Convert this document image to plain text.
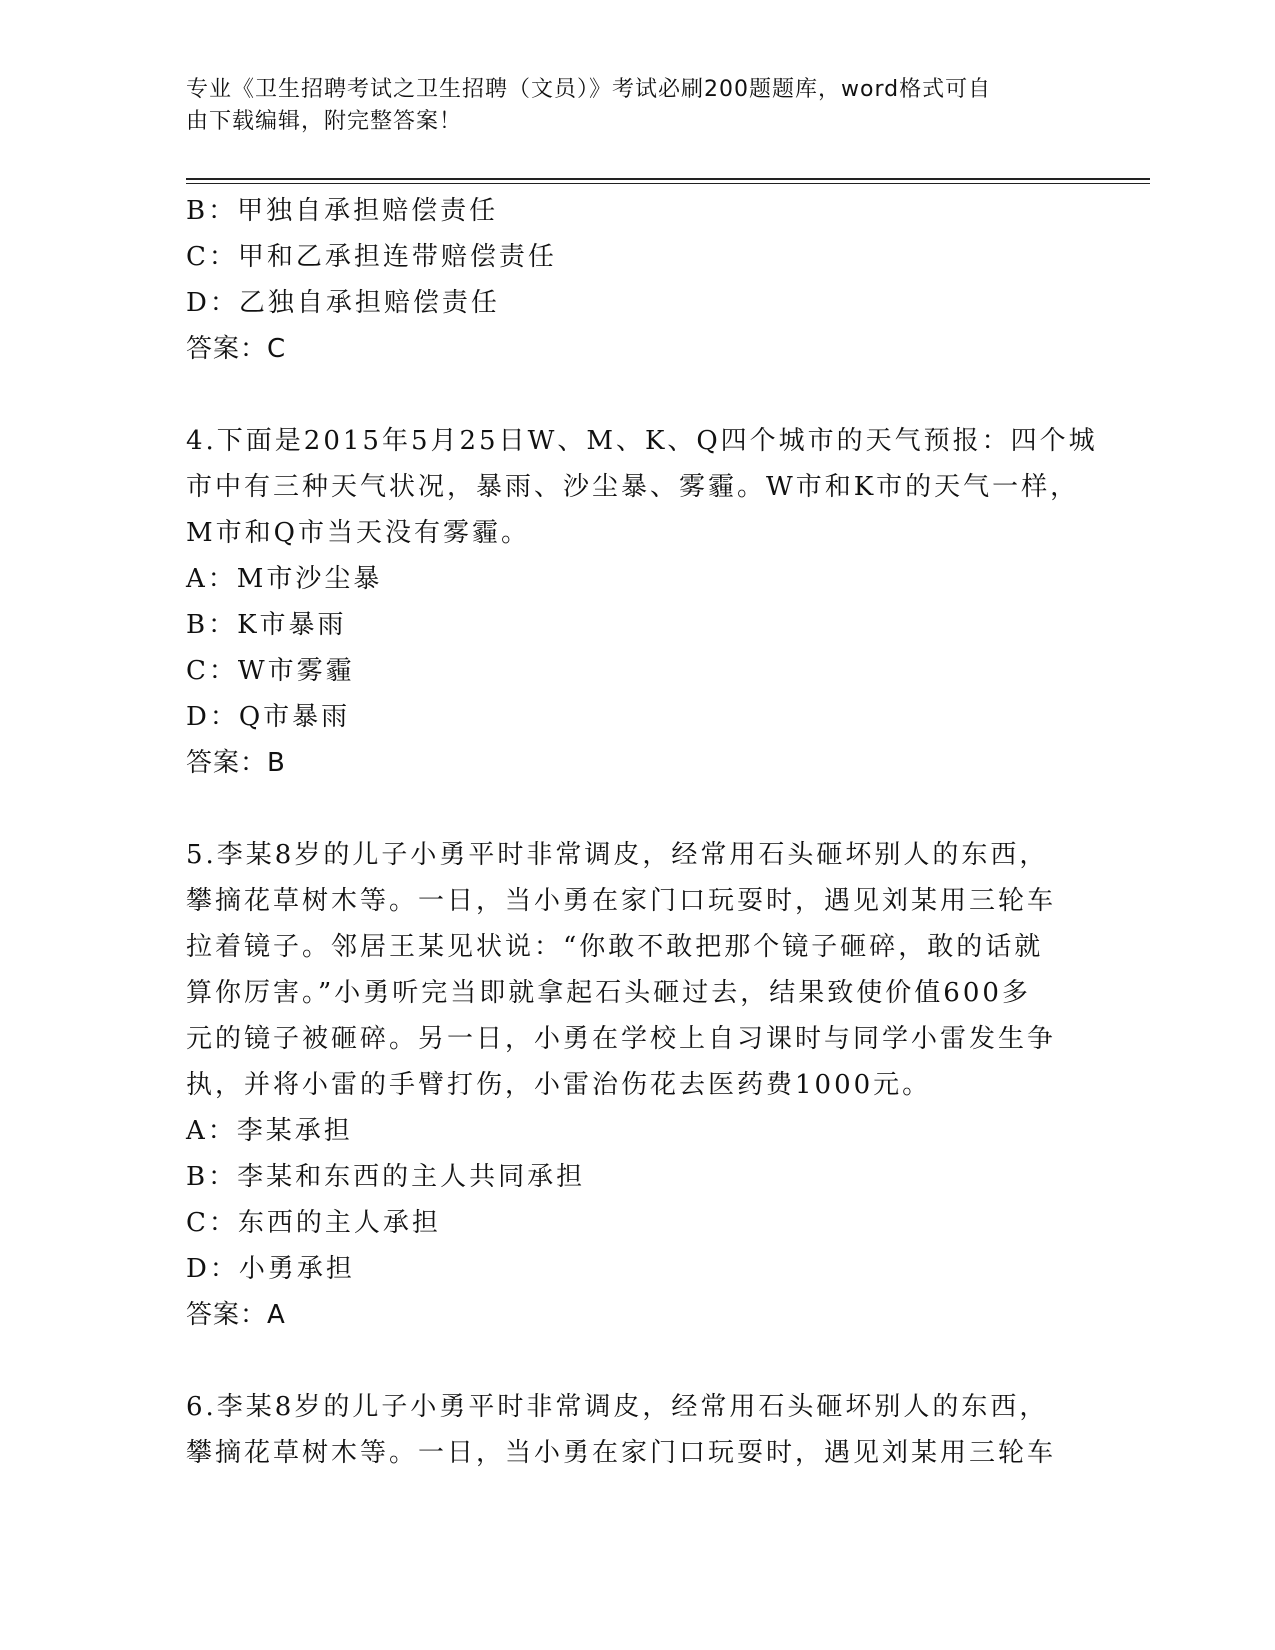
专业《卫生招聘考试之卫生招聘（文员）》考试必刷200题题库，word格式可自
由下载编辑，附完整答案！
B：甲独自承担赔偿责任
C：甲和乙承担连带赔偿责任
D：乙独自承担赔偿责任
答案：C
4.下面是2015年5月25日W、M、K、Q四个城市的天气预报：四个城
市中有三种天气状况，暴雨、沙尘暴、雾霾。W市和K市的天气一样，
M市和Q市当天没有雾霾。
A：M市沙尘暴
B：K市暴雨
C：W市雾霾
D：Q市暴雨
答案：B
5.李某8岁的儿子小勇平时非常调皮，经常用石头砸坏别人的东西，
攀摘花草树木等。一日，当小勇在家门口玩耍时，遇见刘某用三轮车
拉着镜子。邻居王某见状说：“你敢不敢把那个镜子砸碎，敢的话就
算你厉害。”小勇听完当即就拿起石头砸过去，结果致使价值600多
元的镜子被砸碎。另一日，小勇在学校上自习课时与同学小雷发生争
执，并将小雷的手臂打伤，小雷治伤花去医药费1000元。
A：李某承担
B：李某和东西的主人共同承担
C：东西的主人承担
D：小勇承担
答案：A
6.李某8岁的儿子小勇平时非常调皮，经常用石头砸坏别人的东西，
攀摘花草树木等。一日，当小勇在家门口玩耍时，遇见刘某用三轮车
